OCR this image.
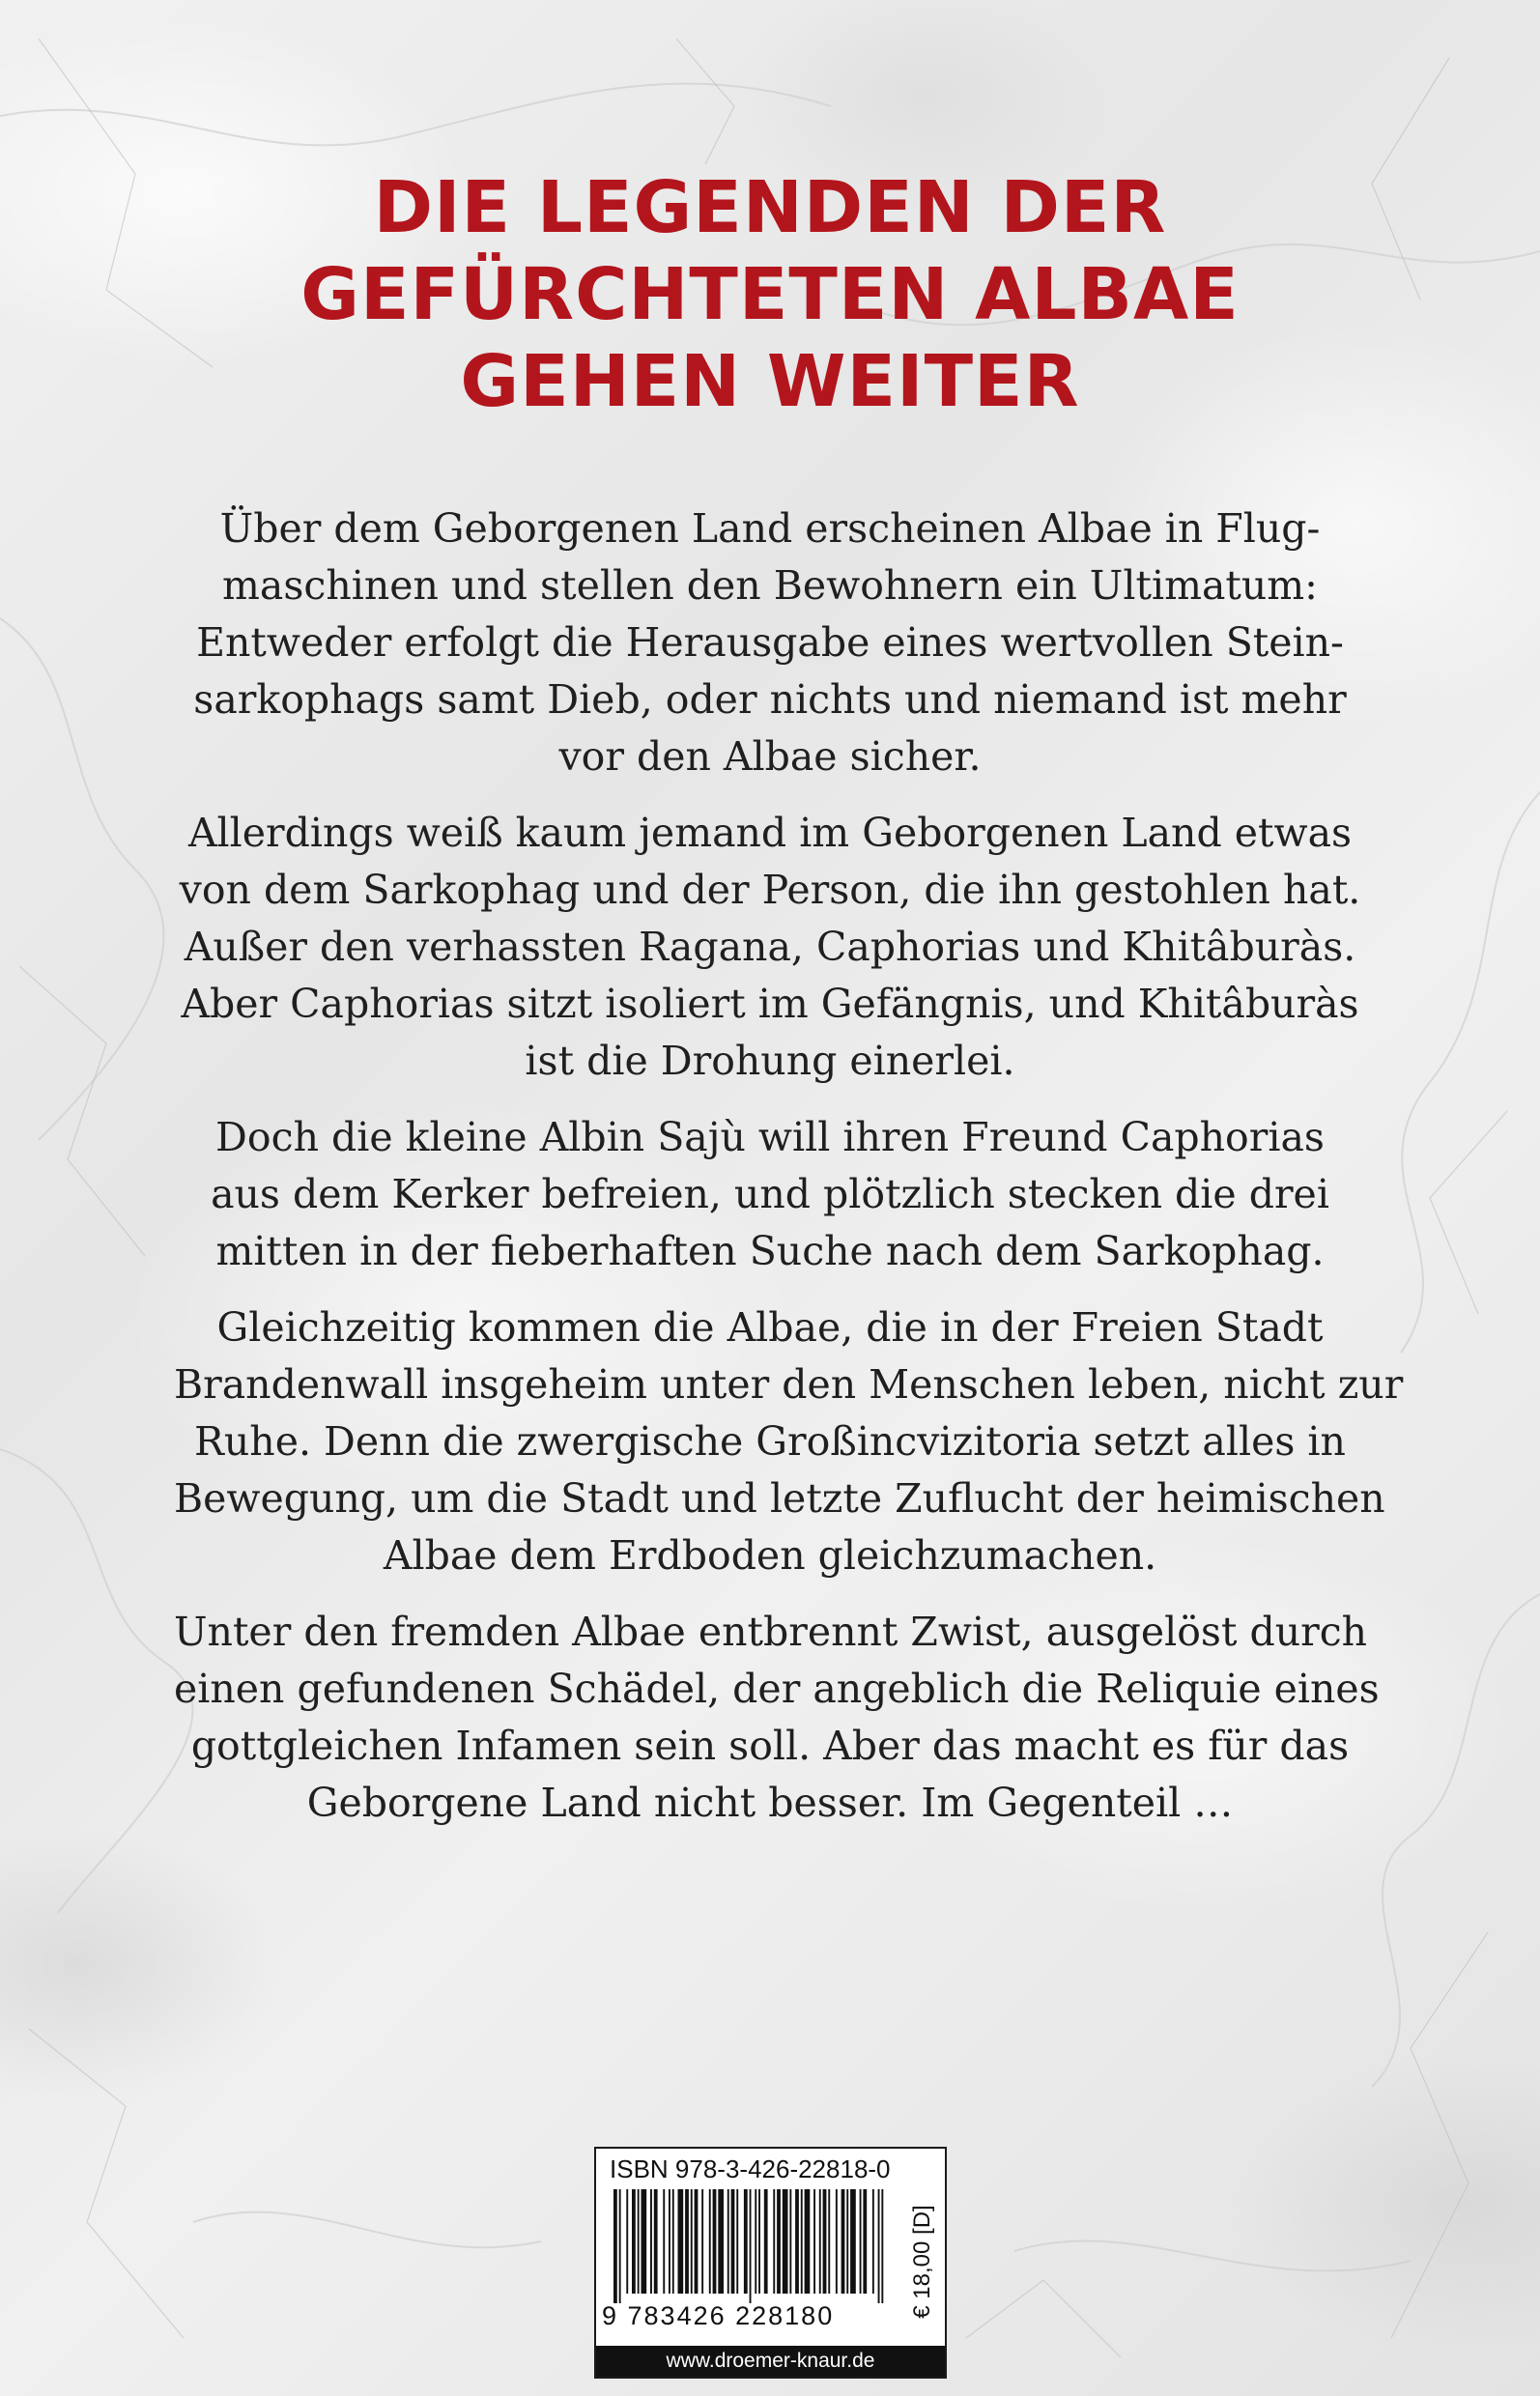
DIE LEGENDEN DER
GEFÜRCHTETEN ALBAE
GEHEN WEITER

Über dem Geborgenen Land erscheinen Albae in Flug-
maschinen und stellen den Bewohnern ein Ultimatum:
Entweder erfolgt die Herausgabe eines wertvollen Stein-
sarkophags samt Dieb, oder nichts und niemand ist mehr
vor den Albae sicher.

Allerdings weiß kaum jemand im Geborgenen Land etwas
von dem Sarkophag und der Person, die ihn gestohlen hat.
Außer den verhassten Ragana, Caphorias und Khitâburàs.
Aber Caphorias sitzt isoliert im Gefängnis, und Khitâburàs
ist die Drohung einerlei.

Doch die kleine Albin Sajù will ihren Freund Caphorias
aus dem Kerker befreien, und plötzlich stecken die drei
mitten in der fieberhaften Suche nach dem Sarkophag.

Gleichzeitig kommen die Albae, die in der Freien Stadt
Brandenwall insgeheim unter den Menschen leben, nicht zur
Ruhe. Denn die zwergische Großincvizitoria setzt alles in
Bewegung, um die Stadt und letzte Zuflucht der heimischen
Albae dem Erdboden gleichzumachen.

Unter den fremden Albae entbrennt Zwist, ausgelöst durch
einen gefundenen Schädel, der angeblich die Reliquie eines
gottgleichen Infamen sein soll. Aber das macht es für das
Geborgene Land nicht besser. Im Gegenteil …

ISBN 978-3-426-22818-0
9 783426 228180	€ 18,00 [D]
www.droemer-knaur.de
